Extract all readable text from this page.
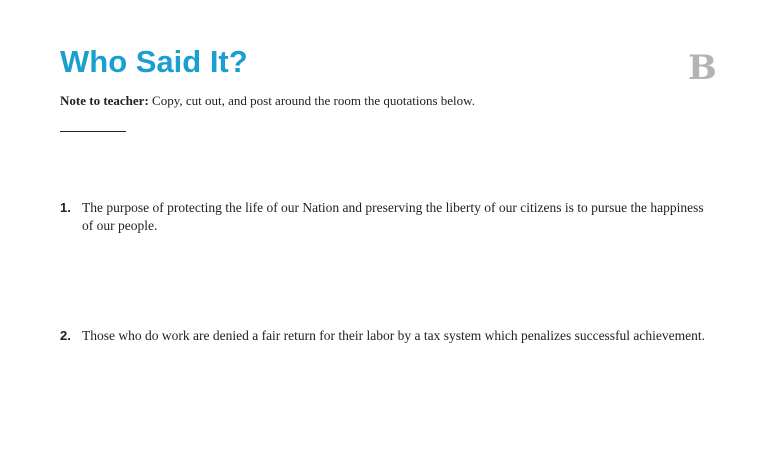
Who Said It?	B

Note to teacher: Copy, cut out, and post around the room the quotations below.

1. The purpose of protecting the life of our Nation and preserving the liberty of our citizens is to pursue the happiness of our people.
2. Those who do work are denied a fair return for their labor by a tax system which penalizes successful achievement.
